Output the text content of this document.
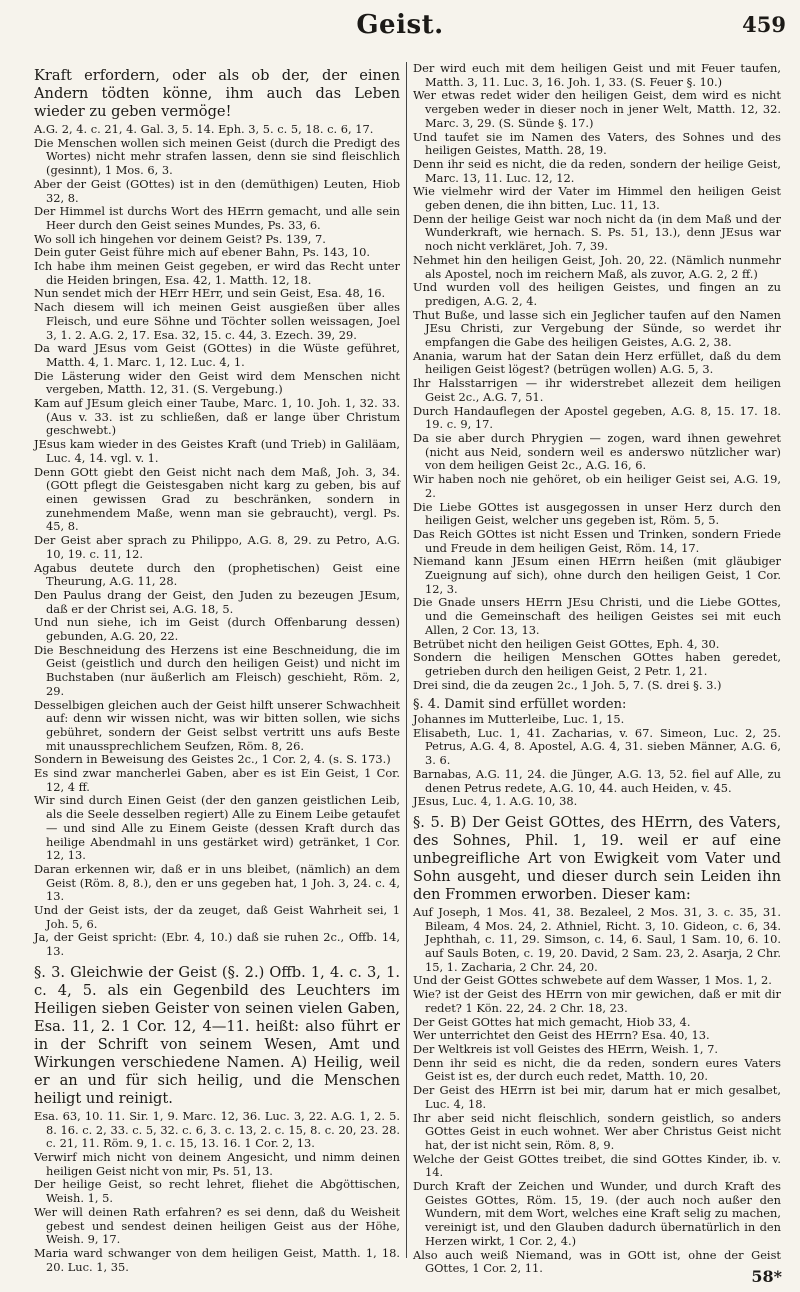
Geist.	459
Kraft erfordern, oder als ob der, der einen Andern tödten könne, ihm auch das Leben wieder zu geben vermöge!
A.G. 2, 4. c. 21, 4. Gal. 3, 5. 14. Eph. 3, 5. c. 5, 18. c. 6, 17.
Die Menschen wollen sich meinen Geist (durch die Predigt des Wortes) nicht mehr strafen lassen, denn sie sind fleischlich (gesinnt), 1 Mos. 6, 3.
Aber der Geist (GOttes) ist in den (demüthigen) Leuten, Hiob 32, 8.
Der Himmel ist durchs Wort des HErrn gemacht, und alle sein Heer durch den Geist seines Mundes, Ps. 33, 6.
Wo soll ich hingehen vor deinem Geist? Ps. 139, 7.
Dein guter Geist führe mich auf ebener Bahn, Ps. 143, 10.
Ich habe ihm meinen Geist gegeben, er wird das Recht unter die Heiden bringen, Esa. 42, 1. Matth. 12, 18.
Nun sendet mich der HErr HErr, und sein Geist, Esa. 48, 16.
Nach diesem will ich meinen Geist ausgießen über alles Fleisch, und eure Söhne und Töchter sollen weissagen, Joel 3, 1. 2. A.G. 2, 17. Esa. 32, 15. c. 44, 3. Ezech. 39, 29.
Da ward JEsus vom Geist (GOttes) in die Wüste geführet, Matth. 4, 1. Marc. 1, 12. Luc. 4, 1.
Die Lästerung wider den Geist wird dem Menschen nicht vergeben, Matth. 12, 31. (S. Vergebung.)
Kam auf JEsum gleich einer Taube, Marc. 1, 10. Joh. 1, 32. 33. (Aus v. 33. ist zu schließen, daß er lange über Christum geschwebt.)
JEsus kam wieder in des Geistes Kraft (und Trieb) in Galiläam, Luc. 4, 14. vgl. v. 1.
Denn GOtt giebt den Geist nicht nach dem Maß, Joh. 3, 34. (GOtt pflegt die Geistesgaben nicht karg zu geben, bis auf einen gewissen Grad zu beschränken, sondern in zunehmendem Maße, wenn man sie gebraucht), vergl. Ps. 45, 8.
Der Geist aber sprach zu Philippo, A.G. 8, 29. zu Petro, A.G. 10, 19. c. 11, 12.
Agabus deutete durch den (prophetischen) Geist eine Theurung, A.G. 11, 28.
Den Paulus drang der Geist, den Juden zu bezeugen JEsum, daß er der Christ sei, A.G. 18, 5.
Und nun siehe, ich im Geist (durch Offenbarung dessen) gebunden, A.G. 20, 22.
Die Beschneidung des Herzens ist eine Beschneidung, die im Geist (geistlich und durch den heiligen Geist) und nicht im Buchstaben (nur äußerlich am Fleisch) geschieht, Röm. 2, 29.
Desselbigen gleichen auch der Geist hilft unserer Schwachheit auf: denn wir wissen nicht, was wir bitten sollen, wie sichs gebühret, sondern der Geist selbst vertritt uns aufs Beste mit unaussprechlichem Seufzen, Röm. 8, 26.
Sondern in Beweisung des Geistes 2c., 1 Cor. 2, 4. (s. S. 173.)
Es sind zwar mancherlei Gaben, aber es ist Ein Geist, 1 Cor. 12, 4 ff.
Wir sind durch Einen Geist (der den ganzen geistlichen Leib, als die Seele desselben regiert) Alle zu Einem Leibe getaufet — und sind Alle zu Einem Geiste (dessen Kraft durch das heilige Abendmahl in uns gestärket wird) getränket, 1 Cor. 12, 13.
Daran erkennen wir, daß er in uns bleibet, (nämlich) an dem Geist (Röm. 8, 8.), den er uns gegeben hat, 1 Joh. 3, 24. c. 4, 13.
Und der Geist ists, der da zeuget, daß Geist Wahrheit sei, 1 Joh. 5, 6.
Ja, der Geist spricht: (Ebr. 4, 10.) daß sie ruhen 2c., Offb. 14, 13.
§. 3. Gleichwie der Geist (§. 2.) Offb. 1, 4. c. 3, 1. c. 4, 5. als ein Gegenbild des Leuchters im Heiligen sieben Geister von seinen vielen Gaben, Esa. 11, 2. 1 Cor. 12, 4—11. heißt: also führt er in der Schrift von seinem Wesen, Amt und Wirkungen verschiedene Namen. A) Heilig, weil er an und für sich heilig, und die Menschen heiligt und reinigt.
Esa. 63, 10. 11. Sir. 1, 9. Marc. 12, 36. Luc. 3, 22. A.G. 1, 2. 5. 8. 16. c. 2, 33. c. 5, 32. c. 6, 3. c. 13, 2. c. 15, 8. c. 20, 23. 28. c. 21, 11. Röm. 9, 1. c. 15, 13. 16. 1 Cor. 2, 13.
Verwirf mich nicht von deinem Angesicht, und nimm deinen heiligen Geist nicht von mir, Ps. 51, 13.
Der heilige Geist, so recht lehret, fliehet die Abgöttischen, Weish. 1, 5.
Wer will deinen Rath erfahren? es sei denn, daß du Weisheit gebest und sendest deinen heiligen Geist aus der Höhe, Weish. 9, 17.
Maria ward schwanger von dem heiligen Geist, Matth. 1, 18. 20. Luc. 1, 35.
Der wird euch mit dem heiligen Geist und mit Feuer taufen, Matth. 3, 11. Luc. 3, 16. Joh. 1, 33. (S. Feuer §. 10.)
Wer etwas redet wider den heiligen Geist, dem wird es nicht vergeben weder in dieser noch in jener Welt, Matth. 12, 32. Marc. 3, 29. (S. Sünde §. 17.)
Und taufet sie im Namen des Vaters, des Sohnes und des heiligen Geistes, Matth. 28, 19.
Denn ihr seid es nicht, die da reden, sondern der heilige Geist, Marc. 13, 11. Luc. 12, 12.
Wie vielmehr wird der Vater im Himmel den heiligen Geist geben denen, die ihn bitten, Luc. 11, 13.
Denn der heilige Geist war noch nicht da (in dem Maß und der Wunderkraft, wie hernach. S. Ps. 51, 13.), denn JEsus war noch nicht verkläret, Joh. 7, 39.
Nehmet hin den heiligen Geist, Joh. 20, 22. (Nämlich nunmehr als Apostel, noch im reichern Maß, als zuvor, A.G. 2, 2 ff.)
Und wurden voll des heiligen Geistes, und fingen an zu predigen, A.G. 2, 4.
Thut Buße, und lasse sich ein Jeglicher taufen auf den Namen JEsu Christi, zur Vergebung der Sünde, so werdet ihr empfangen die Gabe des heiligen Geistes, A.G. 2, 38.
Anania, warum hat der Satan dein Herz erfüllet, daß du dem heiligen Geist lögest? (betrügen wollen) A.G. 5, 3.
Ihr Halsstarrigen — ihr widerstrebet allezeit dem heiligen Geist 2c., A.G. 7, 51.
Durch Handauflegen der Apostel gegeben, A.G. 8, 15. 17. 18. 19. c. 9, 17.
Da sie aber durch Phrygien — zogen, ward ihnen gewehret (nicht aus Neid, sondern weil es anderswo nützlicher war) von dem heiligen Geist 2c., A.G. 16, 6.
Wir haben noch nie gehöret, ob ein heiliger Geist sei, A.G. 19, 2.
Die Liebe GOttes ist ausgegossen in unser Herz durch den heiligen Geist, welcher uns gegeben ist, Röm. 5, 5.
Das Reich GOttes ist nicht Essen und Trinken, sondern Friede und Freude in dem heiligen Geist, Röm. 14, 17.
Niemand kann JEsum einen HErrn heißen (mit gläubiger Zueignung auf sich), ohne durch den heiligen Geist, 1 Cor. 12, 3.
Die Gnade unsers HErrn JEsu Christi, und die Liebe GOttes, und die Gemeinschaft des heiligen Geistes sei mit euch Allen, 2 Cor. 13, 13.
Betrübet nicht den heiligen Geist GOttes, Eph. 4, 30.
Sondern die heiligen Menschen GOttes haben geredet, getrieben durch den heiligen Geist, 2 Petr. 1, 21.
Drei sind, die da zeugen 2c., 1 Joh. 5, 7. (S. drei §. 3.)
§. 4. Damit sind erfüllet worden:
Johannes im Mutterleibe, Luc. 1, 15.
Elisabeth, Luc. 1, 41. Zacharias, v. 67. Simeon, Luc. 2, 25. Petrus, A.G. 4, 8. Apostel, A.G. 4, 31. sieben Männer, A.G. 6, 3. 6.
Barnabas, A.G. 11, 24. die Jünger, A.G. 13, 52. fiel auf Alle, zu denen Petrus redete, A.G. 10, 44. auch Heiden, v. 45.
JEsus, Luc. 4, 1. A.G. 10, 38.
§. 5. B) Der Geist GOttes, des HErrn, des Vaters, des Sohnes, Phil. 1, 19. weil er auf eine unbegreifliche Art von Ewigkeit vom Vater und Sohn ausgeht, und dieser durch sein Leiden ihn den Frommen erworben. Dieser kam:
Auf Joseph, 1 Mos. 41, 38. Bezaleel, 2 Mos. 31, 3. c. 35, 31. Bileam, 4 Mos. 24, 2. Athniel, Richt. 3, 10. Gideon, c. 6, 34. Jephthah, c. 11, 29. Simson, c. 14, 6. Saul, 1 Sam. 10, 6. 10. auf Sauls Boten, c. 19, 20. David, 2 Sam. 23, 2. Asarja, 2 Chr. 15, 1. Zacharia, 2 Chr. 24, 20.
Und der Geist GOttes schwebete auf dem Wasser, 1 Mos. 1, 2.
Wie? ist der Geist des HErrn von mir gewichen, daß er mit dir redet? 1 Kön. 22, 24. 2 Chr. 18, 23.
Der Geist GOttes hat mich gemacht, Hiob 33, 4.
Wer unterrichtet den Geist des HErrn? Esa. 40, 13.
Der Weltkreis ist voll Geistes des HErrn, Weish. 1, 7.
Denn ihr seid es nicht, die da reden, sondern eures Vaters Geist ist es, der durch euch redet, Matth. 10, 20.
Der Geist des HErrn ist bei mir, darum hat er mich gesalbet, Luc. 4, 18.
Ihr aber seid nicht fleischlich, sondern geistlich, so anders GOttes Geist in euch wohnet. Wer aber Christus Geist nicht hat, der ist nicht sein, Röm. 8, 9.
Welche der Geist GOttes treibet, die sind GOttes Kinder, ib. v. 14.
Durch Kraft der Zeichen und Wunder, und durch Kraft des Geistes GOttes, Röm. 15, 19. (der auch noch außer den Wundern, mit dem Wort, welches eine Kraft selig zu machen, vereinigt ist, und den Glauben dadurch übernatürlich in den Herzen wirkt, 1 Cor. 2, 4.)
Also auch weiß Niemand, was in GOtt ist, ohne der Geist GOttes, 1 Cor. 2, 11.	58*
